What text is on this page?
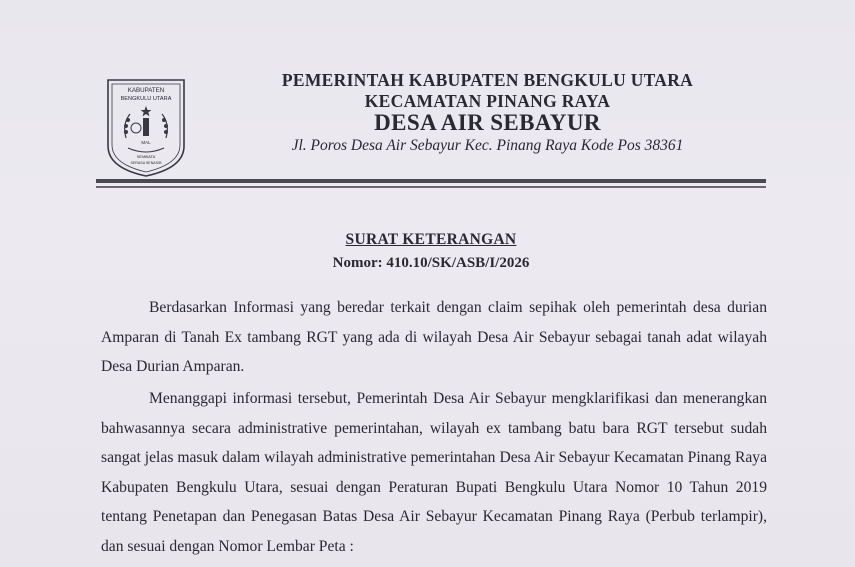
KABUPATEN
BENGKULU UTARA
MAL
SEMBATA
SERASA SENASIB
PEMERINTAH KABUPATEN BENGKULU UTARA
KECAMATAN PINANG RAYA
DESA AIR SEBAYUR
Jl. Poros Desa Air Sebayur Kec. Pinang Raya Kode Pos 38361
SURAT KETERANGAN
Nomor: 410.10/SK/ASB/I/2026
Berdasarkan Informasi yang beredar terkait dengan claim sepihak oleh pemerintah desa durian Amparan di Tanah Ex tambang RGT yang ada di wilayah Desa Air Sebayur sebagai tanah adat wilayah Desa Durian Amparan.
Menanggapi informasi tersebut, Pemerintah Desa Air Sebayur mengklarifikasi dan menerangkan bahwasannya secara administrative pemerintahan, wilayah ex tambang batu bara RGT tersebut sudah sangat jelas masuk dalam wilayah administrative pemerintahan Desa Air Sebayur Kecamatan Pinang Raya Kabupaten Bengkulu Utara, sesuai dengan Peraturan Bupati Bengkulu Utara Nomor 10 Tahun 2019 tentang Penetapan dan Penegasan Batas Desa Air Sebayur Kecamatan Pinang Raya (Perbub terlampir), dan sesuai dengan Nomor Lembar Peta :
